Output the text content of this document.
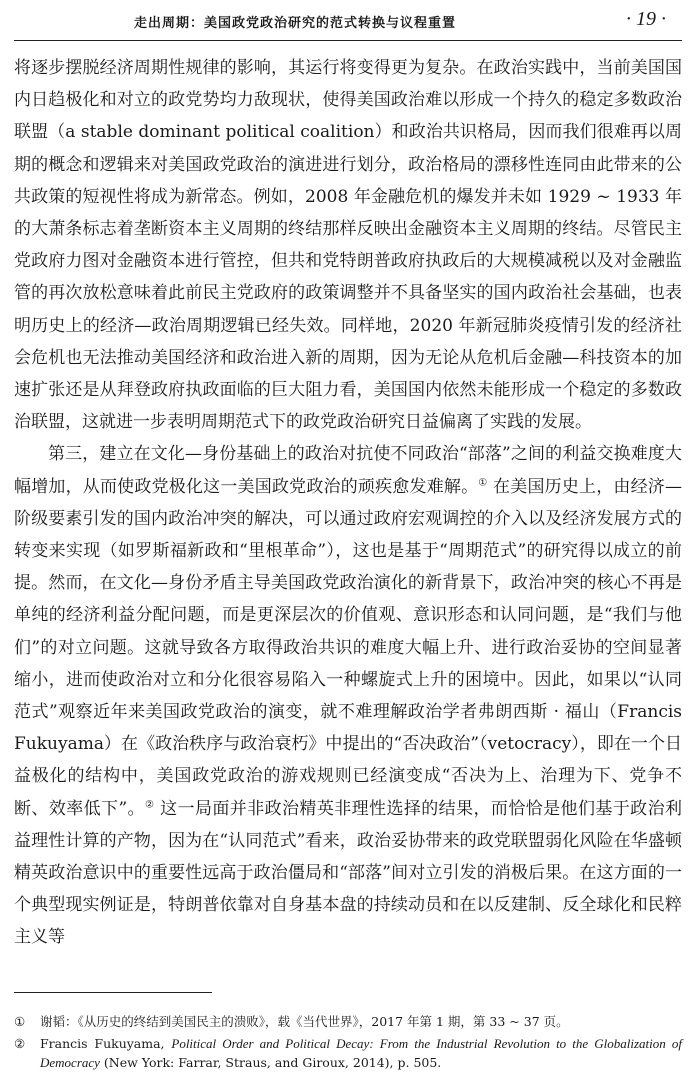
走出周期：美国政党政治研究的范式转换与议程重置	· 19 ·

将逐步摆脱经济周期性规律的影响，其运行将变得更为复杂。在政治实践中，当前美国国内日趋极化和对立的政党势均力敌现状，使得美国政治难以形成一个持久的稳定多数政治联盟（a stable dominant political coalition）和政治共识格局，因而我们很难再以周期的概念和逻辑来对美国政党政治的演进进行划分，政治格局的漂移性连同由此带来的公共政策的短视性将成为新常态。例如，2008 年金融危机的爆发并未如 1929 ~ 1933 年的大萧条标志着垄断资本主义周期的终结那样反映出金融资本主义周期的终结。尽管民主党政府力图对金融资本进行管控，但共和党特朗普政府执政后的大规模减税以及对金融监管的再次放松意味着此前民主党政府的政策调整并不具备坚实的国内政治社会基础，也表明历史上的经济—政治周期逻辑已经失效。同样地，2020 年新冠肺炎疫情引发的经济社会危机也无法推动美国经济和政治进入新的周期，因为无论从危机后金融—科技资本的加速扩张还是从拜登政府执政面临的巨大阻力看，美国国内依然未能形成一个稳定的多数政治联盟，这就进一步表明周期范式下的政党政治研究日益偏离了实践的发展。

第三，建立在文化—身份基础上的政治对抗使不同政治“部落”之间的利益交换难度大幅增加，从而使政党极化这一美国政党政治的顽疾愈发难解。① 在美国历史上，由经济—阶级要素引发的国内政治冲突的解决，可以通过政府宏观调控的介入以及经济发展方式的转变来实现（如罗斯福新政和“里根革命”），这也是基于“周期范式”的研究得以成立的前提。然而，在文化—身份矛盾主导美国政党政治演化的新背景下，政治冲突的核心不再是单纯的经济利益分配问题，而是更深层次的价值观、意识形态和认同问题，是“我们与他们”的对立问题。这就导致各方取得政治共识的难度大幅上升、进行政治妥协的空间显著缩小，进而使政治对立和分化很容易陷入一种螺旋式上升的困境中。因此，如果以“认同范式”观察近年来美国政党政治的演变，就不难理解政治学者弗朗西斯 · 福山（Francis Fukuyama）在《政治秩序与政治衰朽》中提出的“否决政治”（vetocracy），即在一个日益极化的结构中，美国政党政治的游戏规则已经演变成“否决为上、治理为下、党争不断、效率低下”。② 这一局面并非政治精英非理性选择的结果，而恰恰是他们基于政治利益理性计算的产物，因为在“认同范式”看来，政治妥协带来的政党联盟弱化风险在华盛顿精英政治意识中的重要性远高于政治僵局和“部落”间对立引发的消极后果。在这方面的一个典型现实例证是，特朗普依靠对自身基本盘的持续动员和在以反建制、反全球化和民粹主义等

①	谢韬：《从历史的终结到美国民主的溃败》，载《当代世界》，2017 年第 1 期，第 33 ~ 37 页。
②	Francis Fukuyama, Political Order and Political Decay: From the Industrial Revolution to the Globalization of Democracy (New York: Farrar, Straus, and Giroux, 2014), p. 505.
